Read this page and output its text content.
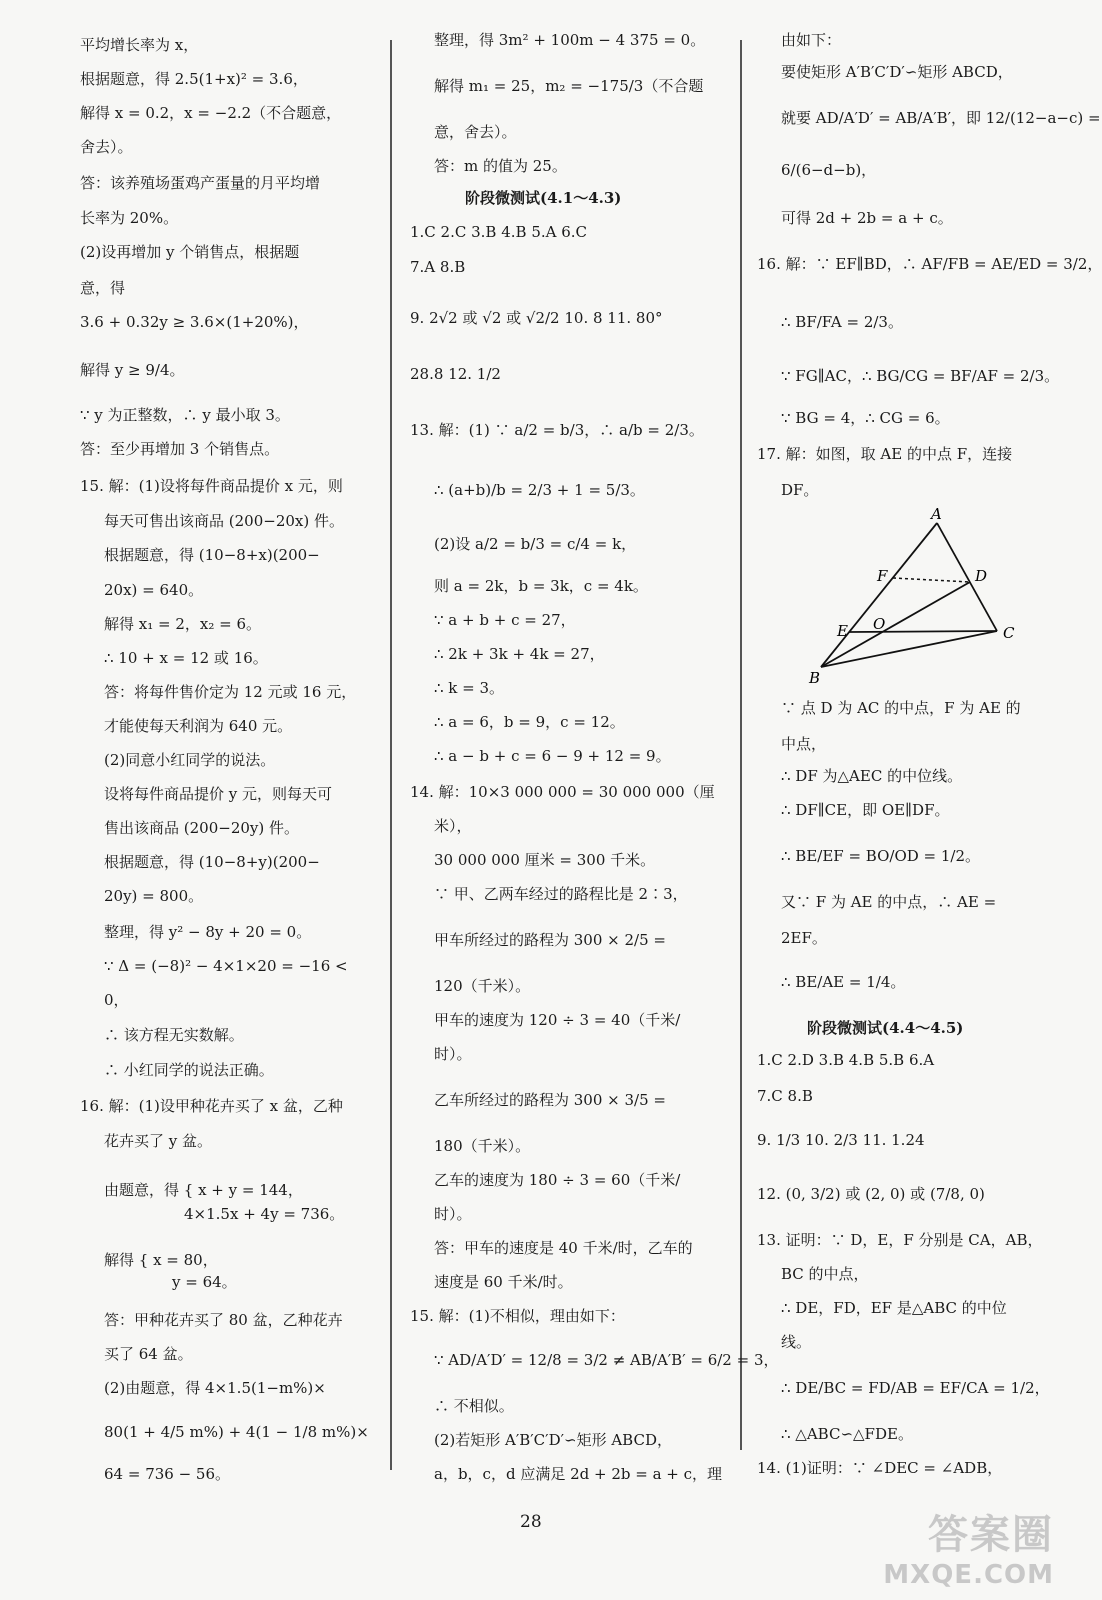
平均增长率为 x，
根据题意，得 2.5(1+x)² = 3.6，
解得 x = 0.2，x = −2.2（不合题意，
舍去）。
答：该养殖场蛋鸡产蛋量的月平均增
长率为 20%。
(2)设再增加 y 个销售点，根据题
意，得
3.6 + 0.32y ≥ 3.6×(1+20%)，
解得 y ≥ 9/4。
∵ y 为正整数，∴ y 最小取 3。
答：至少再增加 3 个销售点。
15. 解：(1)设将每件商品提价 x 元，则
每天可售出该商品 (200−20x) 件。
根据题意，得 (10−8+x)(200−
20x) = 640。
解得 x₁ = 2，x₂ = 6。
∴ 10 + x = 12 或 16。
答：将每件售价定为 12 元或 16 元，
才能使每天利润为 640 元。
(2)同意小红同学的说法。
设将每件商品提价 y 元，则每天可
售出该商品 (200−20y) 件。
根据题意，得 (10−8+y)(200−
20y) = 800。
整理，得 y² − 8y + 20 = 0。
∵ Δ = (−8)² − 4×1×20 = −16 <
0，
∴ 该方程无实数解。
∴ 小红同学的说法正确。
16. 解：(1)设甲种花卉买了 x 盆，乙种
花卉买了 y 盆。
由题意，得 { x + y = 144，
4×1.5x + 4y = 736。
解得 { x = 80，
y = 64。
答：甲种花卉买了 80 盆，乙种花卉
买了 64 盆。
(2)由题意，得 4×1.5(1−m%)×
80(1 + 4/5 m%) + 4(1 − 1/8 m%)×
64 = 736 − 56。
整理，得 3m² + 100m − 4 375 = 0。
解得 m₁ = 25，m₂ = −175/3（不合题
意，舍去）。
答：m 的值为 25。
阶段微测试(4.1～4.3)
1.C 2.C 3.B 4.B 5.A 6.C
7.A 8.B
9. 2√2 或 √2 或 √2/2 10. 8 11. 80°
28.8 12. 1/2
13. 解：(1) ∵ a/2 = b/3，∴ a/b = 2/3。
∴ (a+b)/b = 2/3 + 1 = 5/3。
(2)设 a/2 = b/3 = c/4 = k，
则 a = 2k，b = 3k，c = 4k。
∵ a + b + c = 27，
∴ 2k + 3k + 4k = 27，
∴ k = 3。
∴ a = 6，b = 9，c = 12。
∴ a − b + c = 6 − 9 + 12 = 9。
14. 解：10×3 000 000 = 30 000 000（厘
米），
30 000 000 厘米 = 300 千米。
∵ 甲、乙两车经过的路程比是 2∶3，
甲车所经过的路程为 300 × 2/5 =
120（千米）。
甲车的速度为 120 ÷ 3 = 40（千米/
时）。
乙车所经过的路程为 300 × 3/5 =
180（千米）。
乙车的速度为 180 ÷ 3 = 60（千米/
时）。
答：甲车的速度是 40 千米/时，乙车的
速度是 60 千米/时。
15. 解：(1)不相似，理由如下：
∵ AD/A′D′ = 12/8 = 3/2 ≠ AB/A′B′ = 6/2 = 3，
∴ 不相似。
(2)若矩形 A′B′C′D′∽矩形 ABCD，
a，b，c，d 应满足 2d + 2b = a + c，理
由如下：
要使矩形 A′B′C′D′∽矩形 ABCD，
就要 AD/A′D′ = AB/A′B′，即 12/(12−a−c) =
6/(6−d−b)，
可得 2d + 2b = a + c。
16. 解：∵ EF∥BD，∴ AF/FB = AE/ED = 3/2，
∴ BF/FA = 2/3。
∵ FG∥AC，∴ BG/CG = BF/AF = 2/3。
∵ BG = 4，∴ CG = 6。
17. 解：如图，取 AE 的中点 F，连接
DF。
A
F	D
E O	C
B
∵ 点 D 为 AC 的中点，F 为 AE 的
中点，
∴ DF 为△AEC 的中位线。
∴ DF∥CE，即 OE∥DF。
∴ BE/EF = BO/OD = 1/2。
又∵ F 为 AE 的中点，∴ AE =
2EF。
∴ BE/AE = 1/4。
阶段微测试(4.4～4.5)
1.C 2.D 3.B 4.B 5.B 6.A
7.C 8.B
9. 1/3 10. 2/3 11. 1.24
12. (0, 3/2) 或 (2, 0) 或 (7/8, 0)
13. 证明：∵ D，E，F 分别是 CA，AB，
BC 的中点，
∴ DE，FD，EF 是△ABC 的中位
线。
∴ DE/BC = FD/AB = EF/CA = 1/2，
∴ △ABC∽△FDE。
14. (1)证明：∵ ∠DEC = ∠ADB，
28	答案圈
MXQE.COM
